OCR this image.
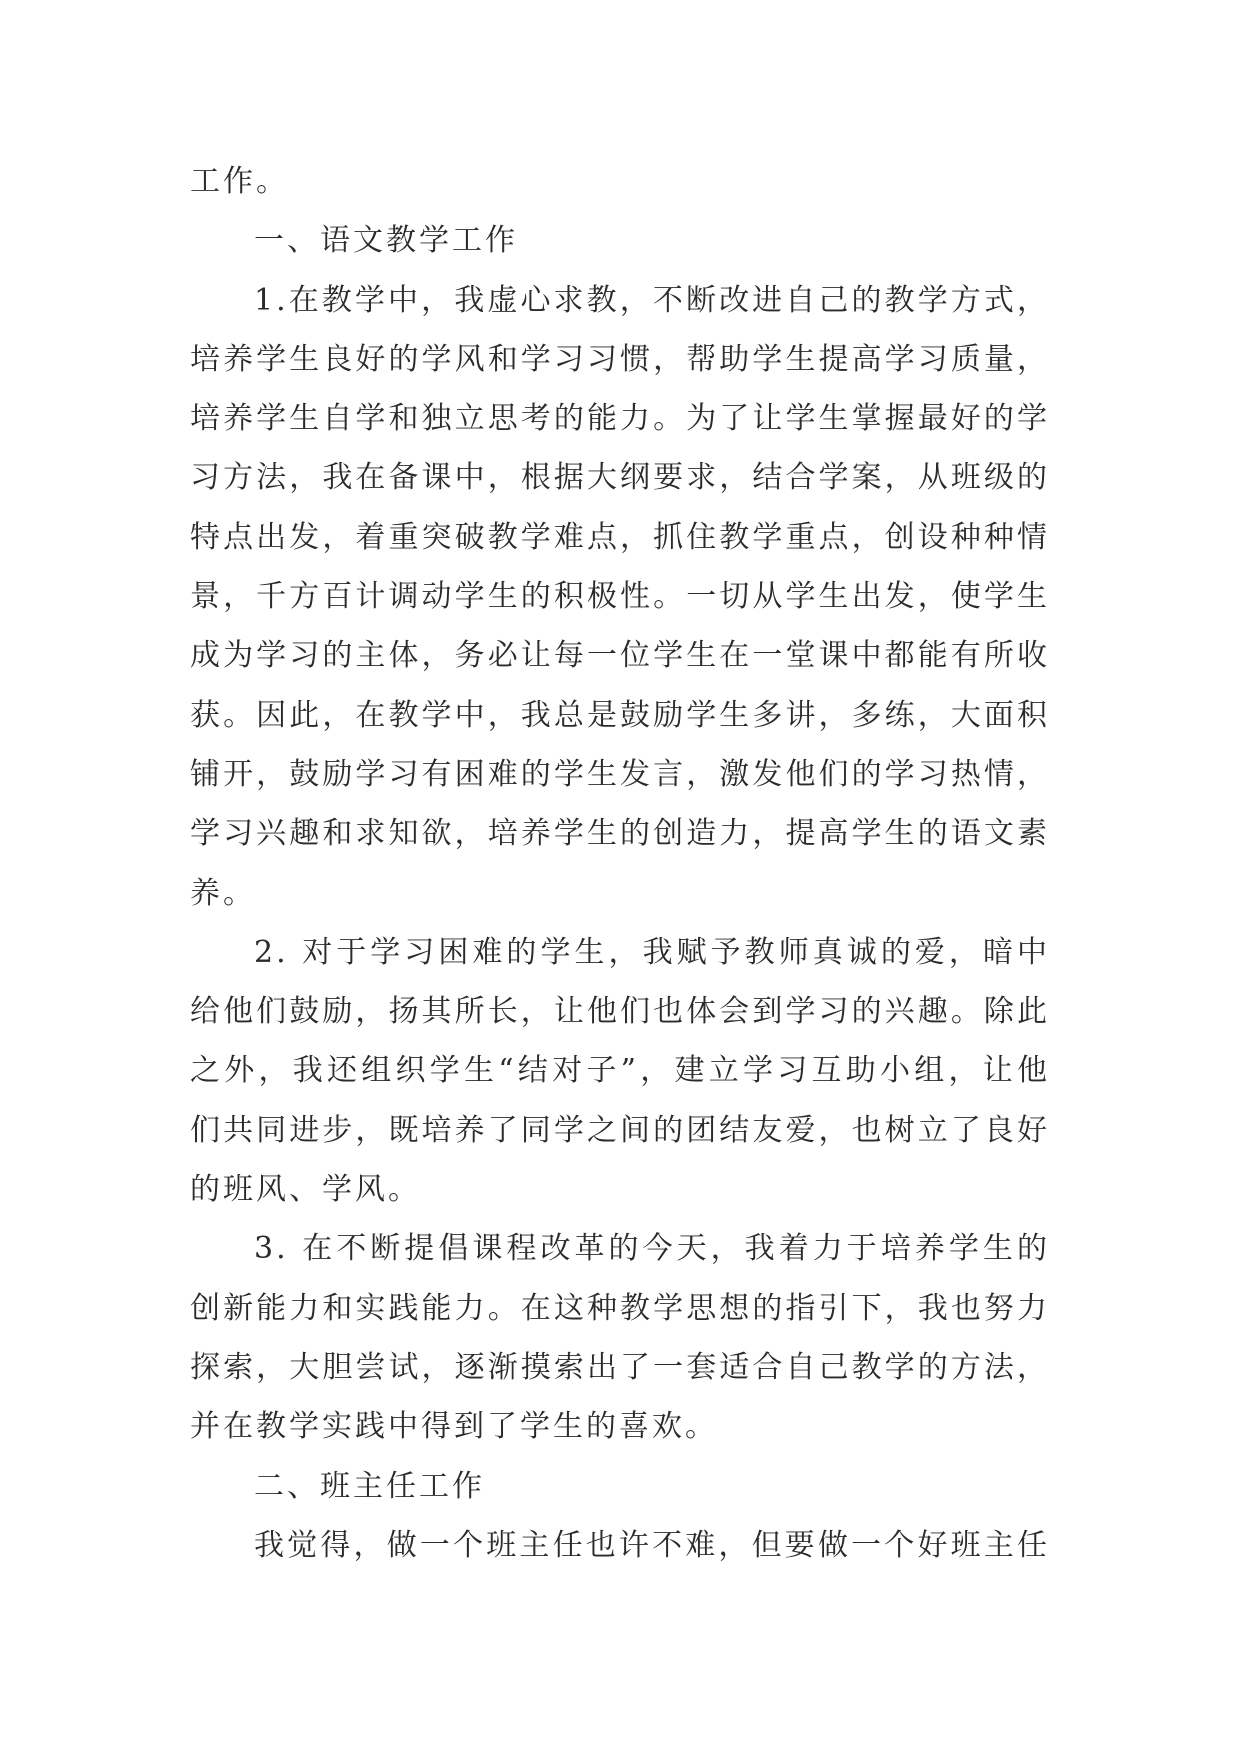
工作。
一、语文教学工作
1.在教学中，我虚心求教，不断改进自己的教学方式，
培养学生良好的学风和学习习惯，帮助学生提高学习质量，
培养学生自学和独立思考的能力。为了让学生掌握最好的学
习方法，我在备课中，根据大纲要求，结合学案，从班级的
特点出发，着重突破教学难点，抓住教学重点，创设种种情
景，千方百计调动学生的积极性。一切从学生出发，使学生
成为学习的主体，务必让每一位学生在一堂课中都能有所收
获。因此，在教学中，我总是鼓励学生多讲，多练，大面积
铺开，鼓励学习有困难的学生发言，激发他们的学习热情，
学习兴趣和求知欲，培养学生的创造力，提高学生的语文素
养。
2. 对于学习困难的学生，我赋予教师真诚的爱，暗中
给他们鼓励，扬其所长，让他们也体会到学习的兴趣。除此
之外，我还组织学生“结对子”，建立学习互助小组，让他
们共同进步，既培养了同学之间的团结友爱，也树立了良好
的班风、学风。
3. 在不断提倡课程改革的今天，我着力于培养学生的
创新能力和实践能力。在这种教学思想的指引下，我也努力
探索，大胆尝试，逐渐摸索出了一套适合自己教学的方法，
并在教学实践中得到了学生的喜欢。
二、班主任工作
我觉得，做一个班主任也许不难，但要做一个好班主任
